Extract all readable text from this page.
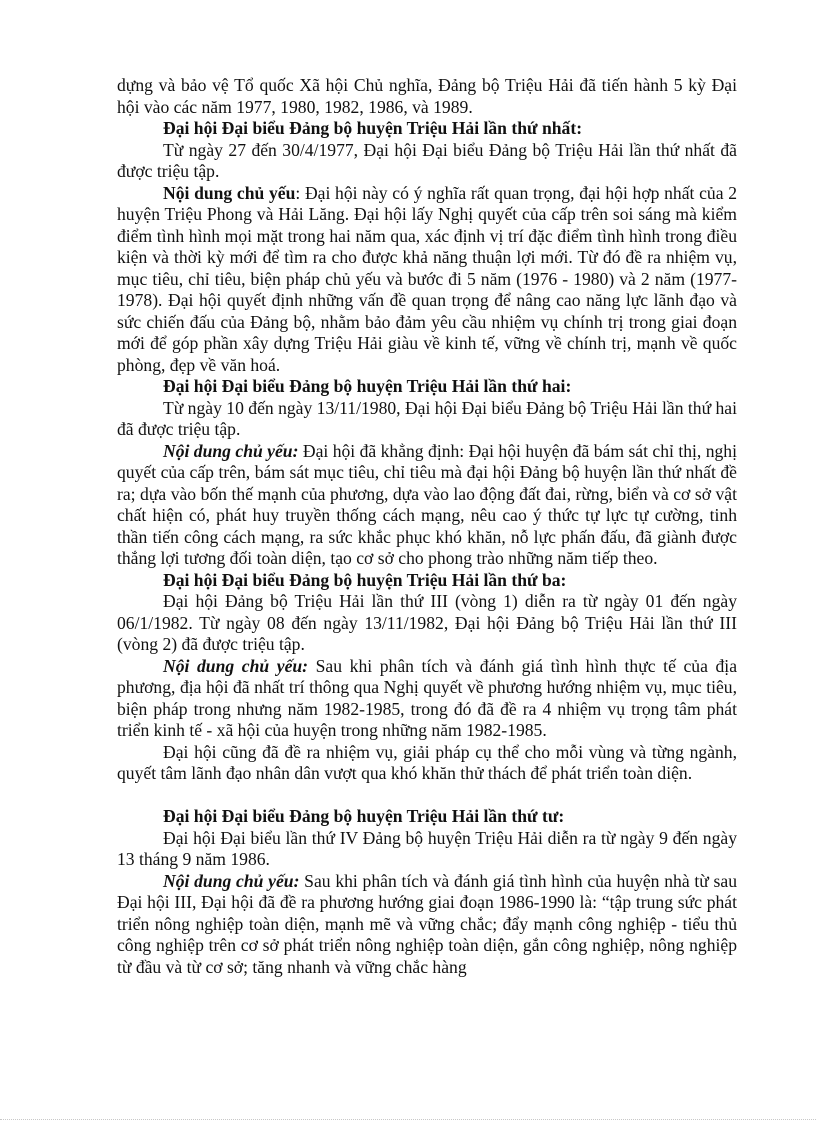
dựng và bảo vệ Tổ quốc Xã hội Chủ nghĩa, Đảng bộ Triệu Hải đã tiến hành 5 kỳ Đại hội vào các năm 1977, 1980, 1982, 1986, và 1989.

Đại hội Đại biểu Đảng bộ huyện Triệu Hải lần thứ nhất:

Từ ngày 27 đến 30/4/1977, Đại hội Đại biểu Đảng bộ Triệu Hải lần thứ nhất đã được triệu tập.

Nội dung chủ yếu: Đại hội này có ý nghĩa rất quan trọng, đại hội hợp nhất của 2 huyện Triệu Phong và Hải Lăng. Đại hội lấy Nghị quyết của cấp trên soi sáng mà kiểm điểm tình hình mọi mặt trong hai năm qua, xác định vị trí đặc điểm tình hình trong điều kiện và thời kỳ mới để tìm ra cho được khả năng thuận lợi mới. Từ đó đề ra nhiệm vụ, mục tiêu, chỉ tiêu, biện pháp chủ yếu và bước đi 5 năm (1976 - 1980) và 2 năm (1977-1978). Đại hội quyết định những vấn đề quan trọng để nâng cao năng lực lãnh đạo và sức chiến đấu của Đảng bộ, nhằm bảo đảm yêu cầu nhiệm vụ chính trị trong giai đoạn mới để góp phần xây dựng Triệu Hải giàu về kinh tế, vững về chính trị, mạnh về quốc phòng, đẹp về văn hoá.

Đại hội Đại biểu Đảng bộ huyện Triệu Hải lần thứ hai:

Từ ngày 10 đến ngày 13/11/1980, Đại hội Đại biểu Đảng bộ Triệu Hải lần thứ hai đã được triệu tập.

Nội dung chủ yếu: Đại hội đã khẳng định: Đại hội huyện đã bám sát chỉ thị, nghị quyết của cấp trên, bám sát mục tiêu, chỉ tiêu mà đại hội Đảng bộ huyện lần thứ nhất đề ra; dựa vào bốn thế mạnh của phương, dựa vào lao động đất đai, rừng, biển và cơ sở vật chất hiện có, phát huy truyền thống cách mạng, nêu cao ý thức tự lực tự cường, tinh thần tiến công cách mạng, ra sức khắc phục khó khăn, nỗ lực phấn đấu, đã giành được thắng lợi tương đối toàn diện, tạo cơ sở cho phong trào những năm tiếp theo.

Đại hội Đại biểu Đảng bộ huyện Triệu Hải lần thứ ba:

Đại hội Đảng bộ Triệu Hải lần thứ III (vòng 1) diễn ra từ ngày 01 đến ngày 06/1/1982. Từ ngày 08 đến ngày 13/11/1982, Đại hội Đảng bộ Triệu Hải lần thứ III (vòng 2) đã được triệu tập.

Nội dung chủ yếu: Sau khi phân tích và đánh giá tình hình thực tế của địa phương, địa hội đã nhất trí thông qua Nghị quyết về phương hướng nhiệm vụ, mục tiêu, biện pháp trong nhưng năm 1982-1985, trong đó đã đề ra 4 nhiệm vụ trọng tâm phát triển kinh tế - xã hội của huyện trong những năm 1982-1985.

Đại hội cũng đã đề ra nhiệm vụ, giải pháp cụ thể cho mỗi vùng và từng ngành, quyết tâm lãnh đạo nhân dân vượt qua khó khăn thử thách để phát triển toàn diện.

Đại hội Đại biểu Đảng bộ huyện Triệu Hải lần thứ tư:

Đại hội Đại biểu lần thứ IV Đảng bộ huyện Triệu Hải diễn ra từ ngày 9 đến ngày 13 tháng 9 năm 1986.

Nội dung chủ yếu: Sau khi phân tích và đánh giá tình hình của huyện nhà từ sau Đại hội III, Đại hội đã đề ra phương hướng giai đoạn 1986-1990 là: “tập trung sức phát triển nông nghiệp toàn diện, mạnh mẽ và vững chắc; đẩy mạnh công nghiệp - tiểu thủ công nghiệp trên cơ sở phát triển nông nghiệp toàn diện, gắn công nghiệp, nông nghiệp từ đầu và từ cơ sở; tăng nhanh và vững chắc hàng
